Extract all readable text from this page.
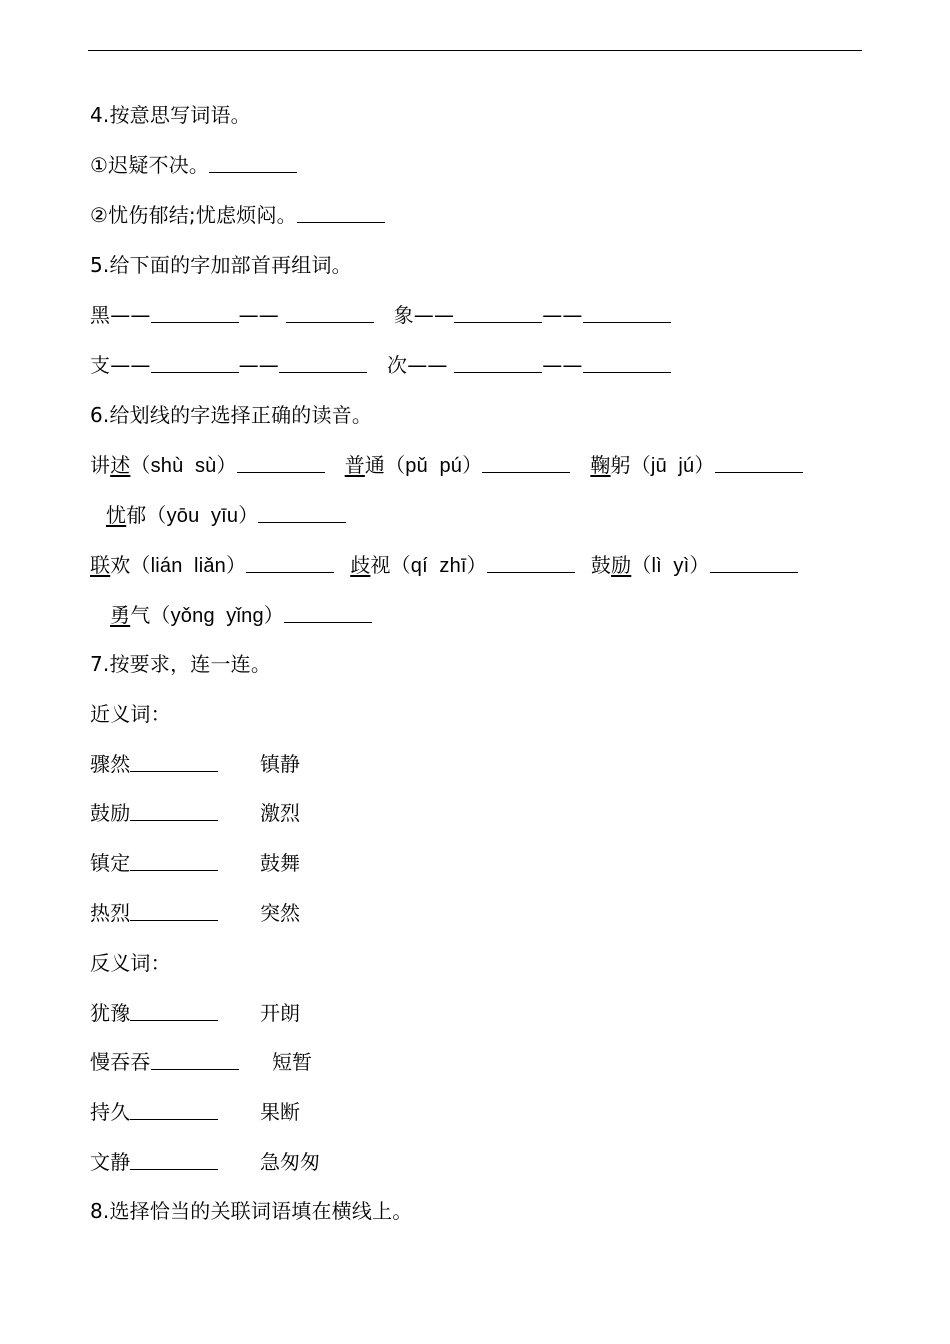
4.按意思写词语。
①迟疑不决。
②忧伤郁结;忧虑烦闷。
5.给下面的字加部首再组词。
黑——	——	象——	——
支——	——	次——	——
6.给划线的字选择正确的读音。
讲述（shù  sù）	普通（pǔ  pú）	鞠躬（jū  jú）
忧郁（yōu  yīu）
联欢（lián  liǎn）	歧视（qí  zhī）	鼓励（lì  yì）
勇气（yǒng  yǐng）
7.按要求，连一连。
近义词：
骤然	镇静
鼓励	激烈
镇定	鼓舞
热烈	突然
反义词：
犹豫	开朗
慢吞吞	短暂
持久	果断
文静	急匆匆
8.选择恰当的关联词语填在横线上。
